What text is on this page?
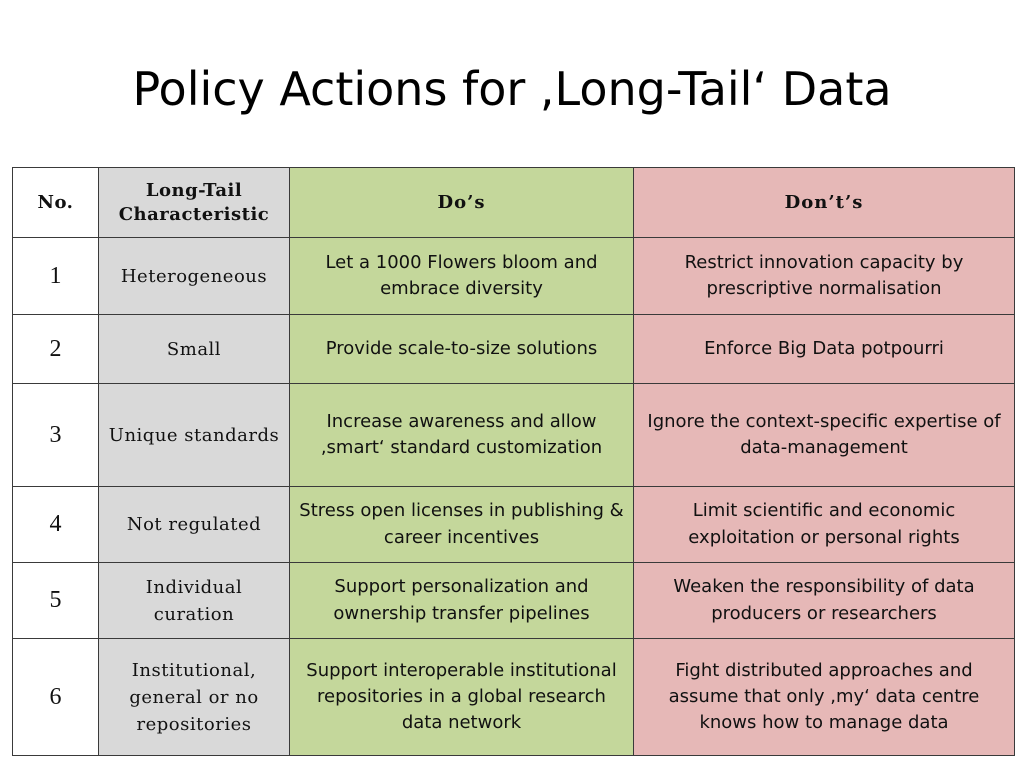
Policy Actions for ,Long-Tail‘ Data
No.	Long-Tail Characteristic	Do’s	Don’t’s
1	Heterogeneous	Let a 1000 Flowers bloom and embrace diversity	Restrict innovation capacity by prescriptive normalisation
2	Small	Provide scale-to-size solutions	Enforce Big Data potpourri
3	Unique standards	Increase awareness and allow ,smart‘ standard customization	Ignore the context-specific expertise of data-management
4	Not regulated	Stress open licenses in publishing & career incentives	Limit scientific and economic exploitation or personal rights
5	Individual curation	Support personalization and ownership transfer pipelines	Weaken the responsibility of data producers or researchers
6	Institutional, general or no repositories	Support interoperable institutional repositories in a global research data network	Fight distributed approaches and assume that only ,my‘ data centre knows how to manage data
